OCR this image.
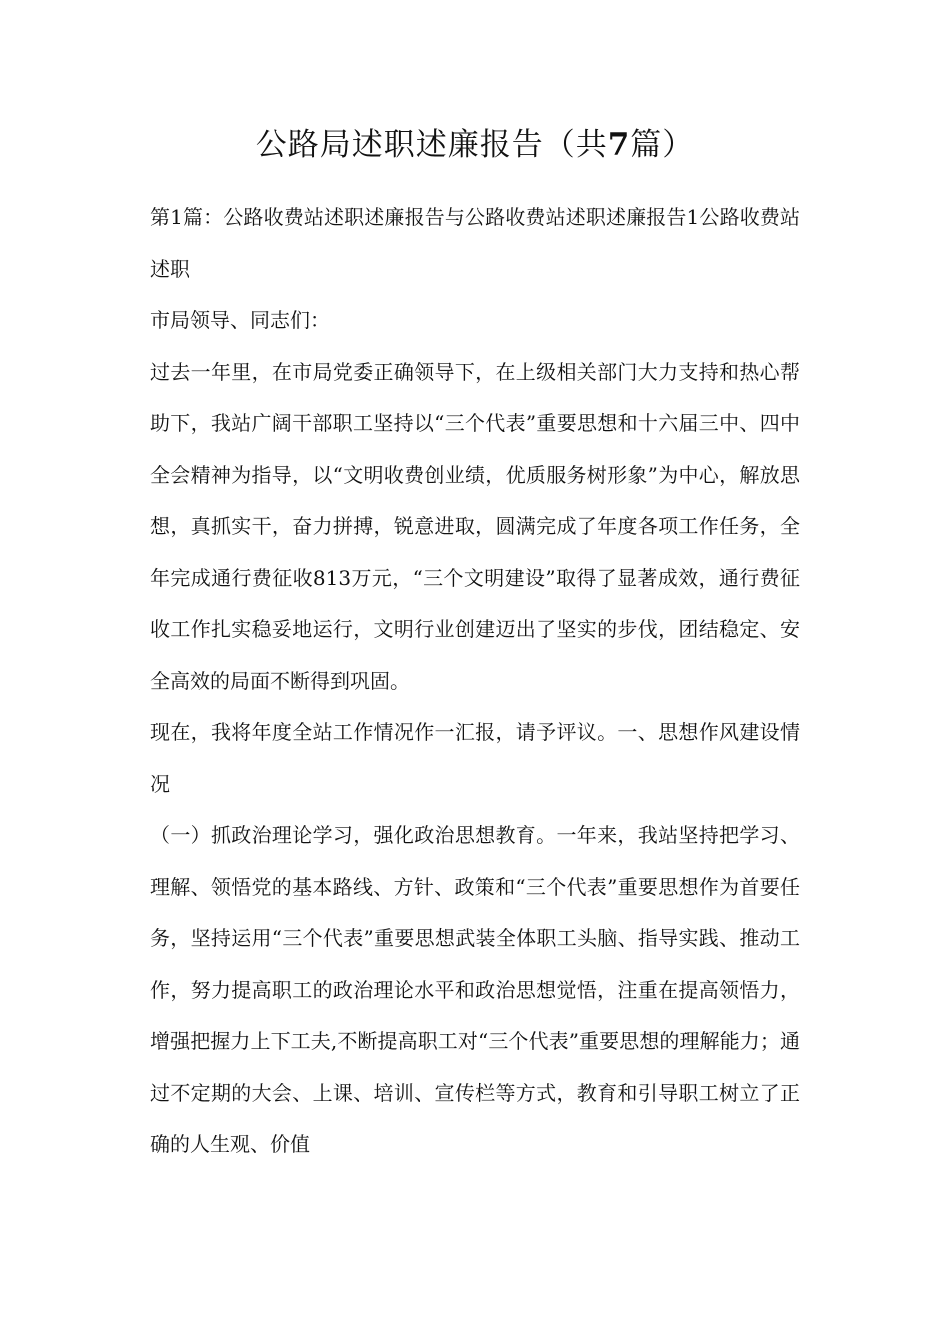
公路局述职述廉报告（共7篇）

第1篇：公路收费站述职述廉报告与公路收费站述职述廉报告1公路收费站述职

市局领导、同志们：

过去一年里，在市局党委正确领导下，在上级相关部门大力支持和热心帮助下，我站广阔干部职工坚持以“三个代表”重要思想和十六届三中、四中全会精神为指导，以“文明收费创业绩，优质服务树形象”为中心，解放思想，真抓实干，奋力拼搏，锐意进取，圆满完成了年度各项工作任务，全年完成通行费征收813万元，“三个文明建设”取得了显著成效，通行费征收工作扎实稳妥地运行，文明行业创建迈出了坚实的步伐，团结稳定、安全高效的局面不断得到巩固。

现在，我将年度全站工作情况作一汇报，请予评议。一、思想作风建设情况

（一）抓政治理论学习，强化政治思想教育。一年来，我站坚持把学习、理解、领悟党的基本路线、方针、政策和“三个代表”重要思想作为首要任务，坚持运用“三个代表”重要思想武装全体职工头脑、指导实践、推动工作，努力提高职工的政治理论水平和政治思想觉悟，注重在提高领悟力，增强把握力上下工夫,不断提高职工对“三个代表”重要思想的理解能力；通过不定期的大会、上课、培训、宣传栏等方式，教育和引导职工树立了正确的人生观、价值
